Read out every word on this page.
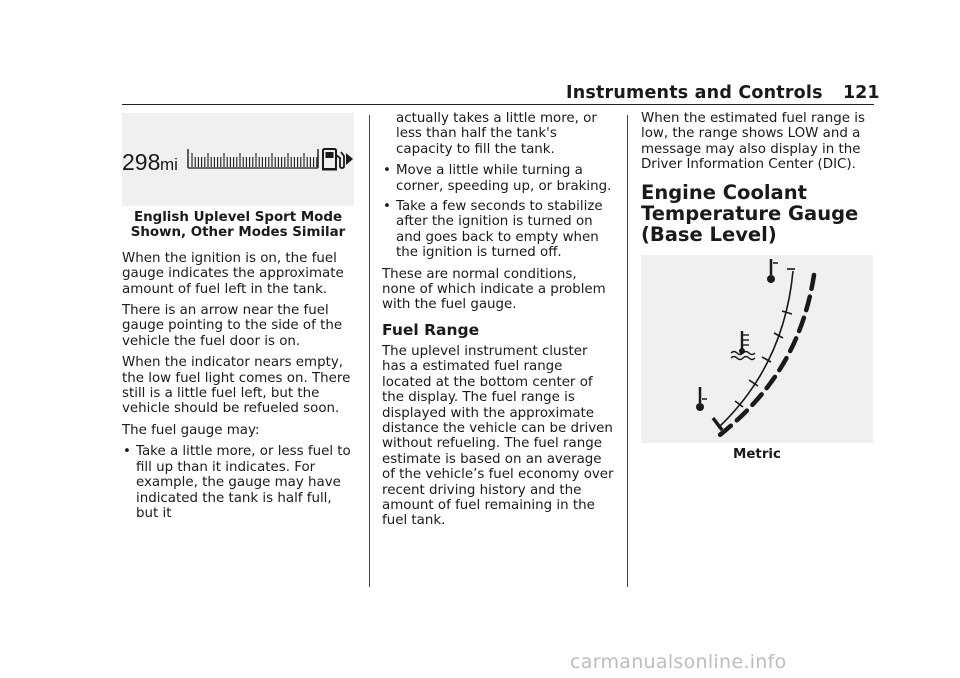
Instruments and Controls 121
298 mi
English Uplevel Sport Mode Shown, Other Modes Similar

When the ignition is on, the fuel gauge indicates the approximate amount of fuel left in the tank.

There is an arrow near the fuel gauge pointing to the side of the vehicle the fuel door is on.

When the indicator nears empty, the low fuel light comes on. There still is a little fuel left, but the vehicle should be refueled soon.

The fuel gauge may:

• Take a little more, or less fuel to fill up than it indicates. For example, the gauge may have indicated the tank is half full, but it

actually takes a little more, or less than half the tank's capacity to fill the tank.

• Move a little while turning a corner, speeding up, or braking.
• Take a few seconds to stabilize after the ignition is turned on and goes back to empty when the ignition is turned off.

These are normal conditions, none of which indicate a problem with the fuel gauge.

Fuel Range

The uplevel instrument cluster has a estimated fuel range located at the bottom center of the display. The fuel range is displayed with the approximate distance the vehicle can be driven without refueling. The fuel range estimate is based on an average of the vehicle’s fuel economy over recent driving history and the amount of fuel remaining in the fuel tank.

When the estimated fuel range is low, the range shows LOW and a message may also display in the Driver Information Center (DIC).

Engine Coolant Temperature Gauge (Base Level)
Metric
carmanualsonline.info
